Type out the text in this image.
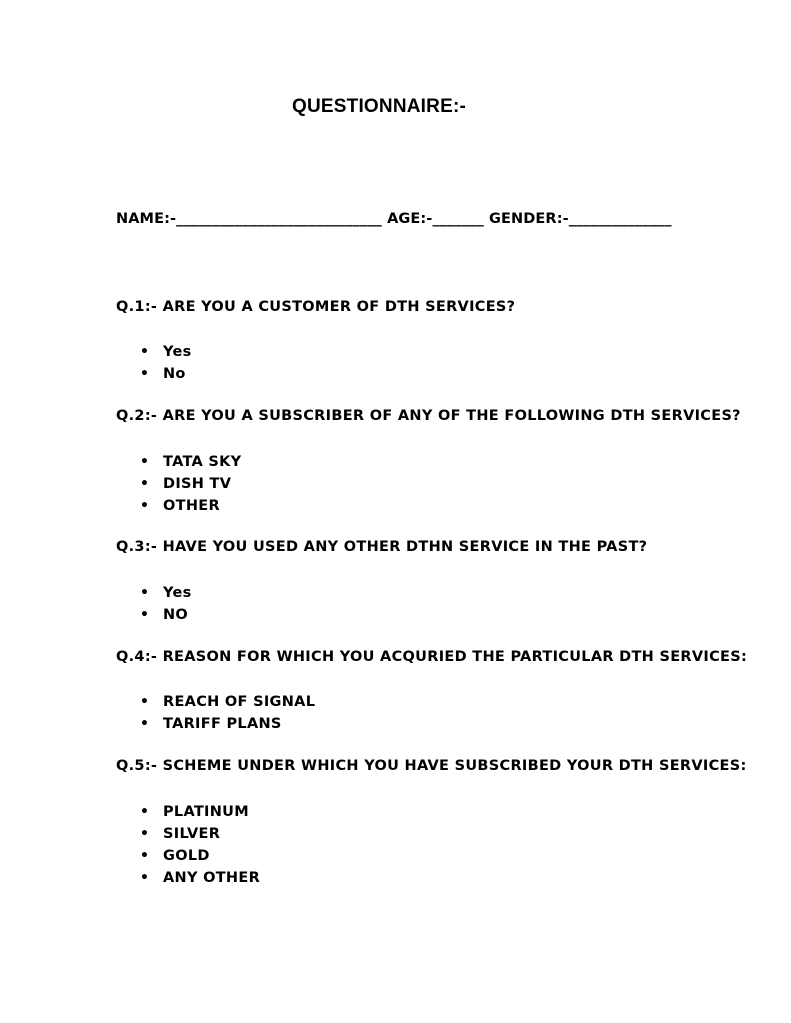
QUESTIONNAIRE:-
NAME:-____________________________ AGE:-_______ GENDER:-______________
Q.1:- ARE YOU A CUSTOMER OF DTH SERVICES?
• Yes
• No
Q.2:- ARE YOU A SUBSCRIBER OF ANY OF THE FOLLOWING DTH SERVICES?
• TATA SKY
• DISH TV
• OTHER
Q.3:- HAVE YOU USED ANY OTHER DTHN SERVICE IN THE PAST?
• Yes
• NO
Q.4:- REASON FOR WHICH YOU ACQURIED THE PARTICULAR DTH SERVICES:
• REACH OF SIGNAL
• TARIFF PLANS
Q.5:- SCHEME UNDER WHICH YOU HAVE SUBSCRIBED YOUR DTH SERVICES:
• PLATINUM
• SILVER
• GOLD
• ANY OTHER
